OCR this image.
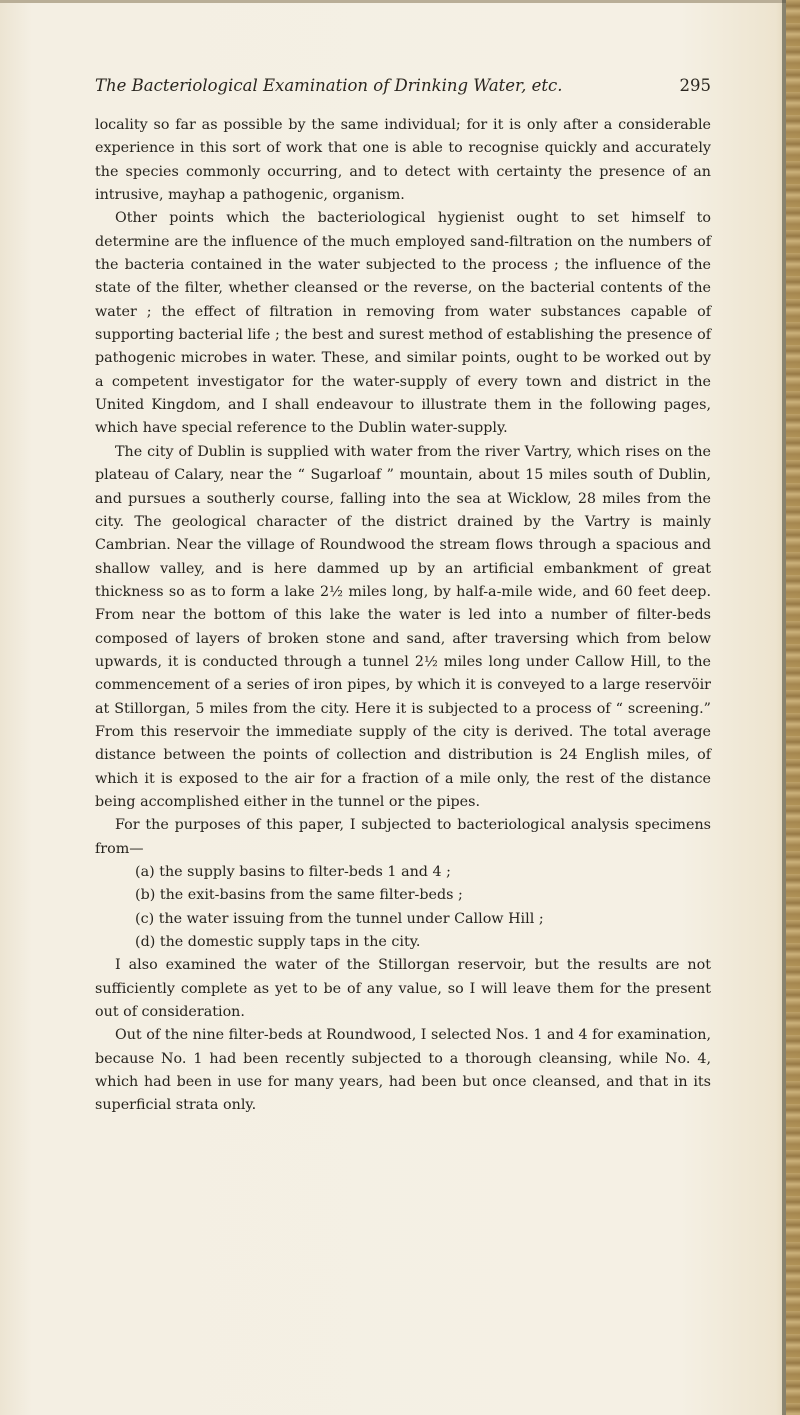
The Bacteriological Examination of Drinking Water, etc.	295

locality so far as possible by the same individual; for it is only after a considerable experience in this sort of work that one is able to recognise quickly and accurately the species commonly occurring, and to detect with certainty the presence of an intrusive, mayhap a pathogenic, organism.

Other points which the bacteriological hygienist ought to set himself to determine are the influence of the much employed sand-filtration on the numbers of the bacteria contained in the water subjected to the process ; the influence of the state of the filter, whether cleansed or the reverse, on the bacterial contents of the water ; the effect of filtration in removing from water substances capable of supporting bacterial life ; the best and surest method of establishing the presence of pathogenic microbes in water. These, and similar points, ought to be worked out by a competent investigator for the water-supply of every town and district in the United Kingdom, and I shall endeavour to illustrate them in the following pages, which have special reference to the Dublin water-supply.

The city of Dublin is supplied with water from the river Vartry, which rises on the plateau of Calary, near the “ Sugarloaf ” mountain, about 15 miles south of Dublin, and pursues a southerly course, falling into the sea at Wicklow, 28 miles from the city. The geological character of the district drained by the Vartry is mainly Cambrian. Near the village of Roundwood the stream flows through a spacious and shallow valley, and is here dammed up by an artificial embankment of great thickness so as to form a lake 2½ miles long, by half-a-mile wide, and 60 feet deep. From near the bottom of this lake the water is led into a number of filter-beds composed of layers of broken stone and sand, after traversing which from below upwards, it is conducted through a tunnel 2½ miles long under Callow Hill, to the commencement of a series of iron pipes, by which it is conveyed to a large reservöir at Stillorgan, 5 miles from the city. Here it is subjected to a process of “ screening.” From this reservoir the immediate supply of the city is derived. The total average distance between the points of collection and distribution is 24 English miles, of which it is exposed to the air for a fraction of a mile only, the rest of the distance being accomplished either in the tunnel or the pipes.

For the purposes of this paper, I subjected to bacteriological analysis specimens from—

(a) the supply basins to filter-beds 1 and 4 ;

(b) the exit-basins from the same filter-beds ;

(c) the water issuing from the tunnel under Callow Hill ;

(d) the domestic supply taps in the city.

I also examined the water of the Stillorgan reservoir, but the results are not sufficiently complete as yet to be of any value, so I will leave them for the present out of consideration.

Out of the nine filter-beds at Roundwood, I selected Nos. 1 and 4 for examination, because No. 1 had been recently subjected to a thorough cleansing, while No. 4, which had been in use for many years, had been but once cleansed, and that in its superficial strata only.
